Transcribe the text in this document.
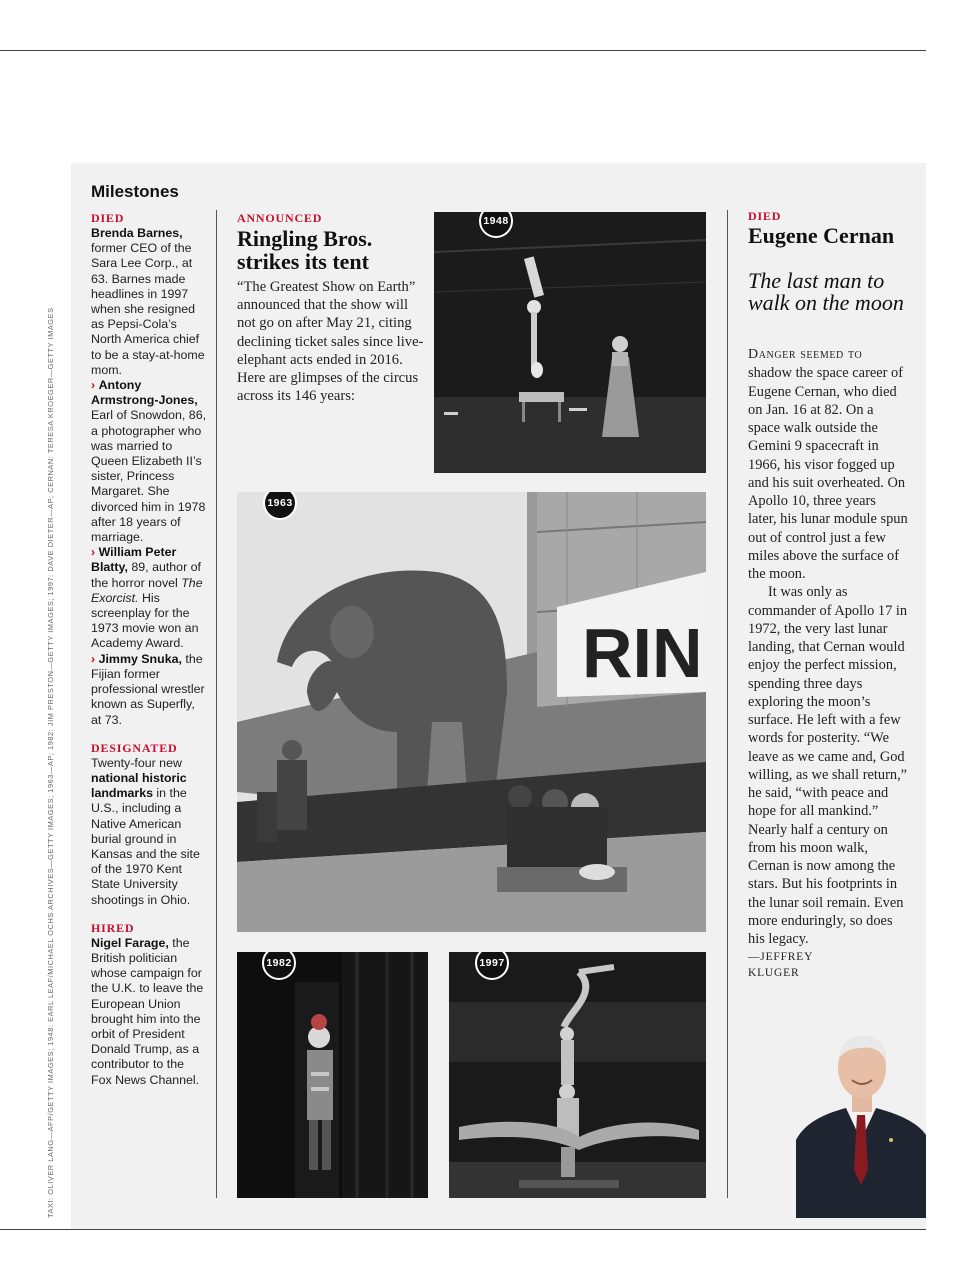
TAXI: OLIVER LANG—AFP/GETTY IMAGES; 1948: EARL LEAF/MICHAEL OCHS ARCHIVES—GETTY IMAGES; 1963—AP; 1982: JIM PRESTON—GETTY IMAGES; 1997: DAVE DIETER—AP; CERNAN: TERESA KROEGER—GETTY IMAGES
Milestones
DIED

Brenda Barnes, former CEO of the Sara Lee Corp., at 63. Barnes made headlines in 1997 when she resigned as Pepsi-Cola’s North America chief to be a stay-at-home mom.

› Antony Armstrong-Jones, Earl of Snowdon, 86, a photographer who was married to Queen Elizabeth II’s sister, Princess Margaret. She divorced him in 1978 after 18 years of marriage.

› William Peter Blatty, 89, author of the horror novel The Exorcist. His screenplay for the 1973 movie won an Academy Award.

› Jimmy Snuka, the Fijian former professional wrestler known as Superfly, at 73.

DESIGNATED

Twenty-four new national historic landmarks in the U.S., including a Native American burial ground in Kansas and the site of the 1970 Kent State University shootings in Ohio.

HIRED

Nigel Farage, the British politician whose campaign for the U.K. to leave the European Union brought him into the orbit of President Donald Trump, as a contributor to the Fox News Channel.

ANNOUNCED
Ringling Bros. strikes its tent

“The Greatest Show on Earth” announced that the show will not go on after May 21, citing declining ticket sales since live-elephant acts ended in 2016. Here are glimpses of the circus across its 146 years:

1948
RIN
1963
1982	1997
DIED
Eugene Cernan
The last man to walk on the moon

Danger seemed to shadow the space career of Eugene Cernan, who died on Jan. 16 at 82. On a space walk outside the Gemini 9 spacecraft in 1966, his visor fogged up and his suit overheated. On Apollo 10, three years later, his lunar module spun out of control just a few miles above the surface of the moon.

It was only as commander of Apollo 17 in 1972, the very last lunar landing, that Cernan would enjoy the perfect mission, spending three days exploring the moon’s surface. He left with a few words for posterity. “We leave as we came and, God willing, as we shall return,” he said, “with peace and hope for all mankind.” Nearly half a century on from his moon walk, Cernan is now among the stars. But his footprints in the lunar soil remain. Even more enduringly, so does his legacy.

—JEFFREY
KLUGER
